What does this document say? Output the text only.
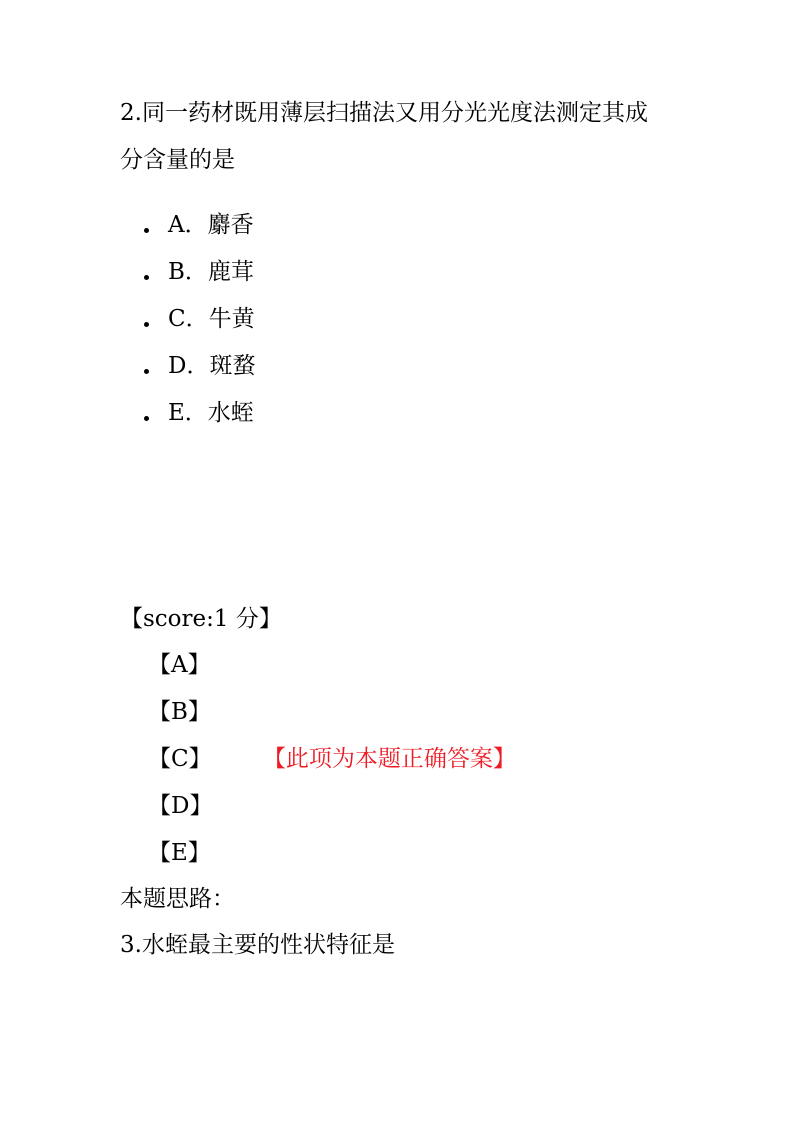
2.同一药材既用薄层扫描法又用分光光度法测定其成
分含量的是
A．麝香
B．鹿茸
C．牛黄
D．斑蝥
E．水蛭
【score:1 分】
【A】
【B】
【C】 【此项为本题正确答案】
【D】
【E】
本题思路：
3.水蛭最主要的性状特征是
